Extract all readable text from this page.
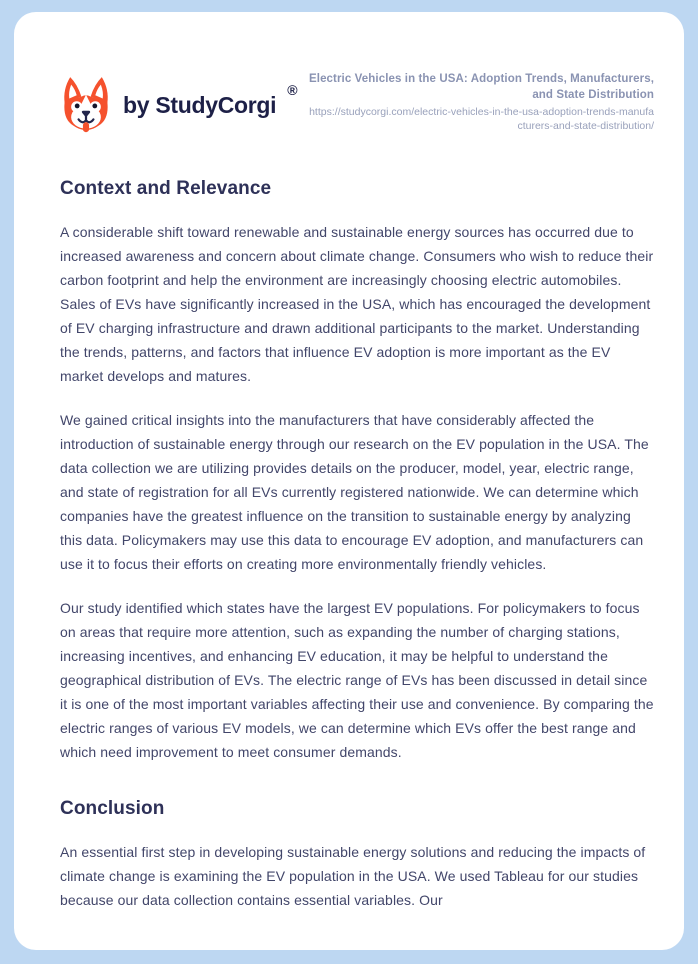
by StudyCorgi
®
Electric Vehicles in the USA: Adoption Trends, Manufacturers, and State Distribution
https://studycorgi.com/electric-vehicles-in-the-usa-adoption-trends-manufacturers-and-state-distribution/
Context and Relevance

A considerable shift toward renewable and sustainable energy sources has occurred due to increased awareness and concern about climate change. Consumers who wish to reduce their carbon footprint and help the environment are increasingly choosing electric automobiles. Sales of EVs have significantly increased in the USA, which has encouraged the development of EV charging infrastructure and drawn additional participants to the market. Understanding the trends, patterns, and factors that influence EV adoption is more important as the EV market develops and matures.

We gained critical insights into the manufacturers that have considerably affected the introduction of sustainable energy through our research on the EV population in the USA. The data collection we are utilizing provides details on the producer, model, year, electric range, and state of registration for all EVs currently registered nationwide. We can determine which companies have the greatest influence on the transition to sustainable energy by analyzing this data. Policymakers may use this data to encourage EV adoption, and manufacturers can use it to focus their efforts on creating more environmentally friendly vehicles.

Our study identified which states have the largest EV populations. For policymakers to focus on areas that require more attention, such as expanding the number of charging stations, increasing incentives, and enhancing EV education, it may be helpful to understand the geographical distribution of EVs. The electric range of EVs has been discussed in detail since it is one of the most important variables affecting their use and convenience. By comparing the electric ranges of various EV models, we can determine which EVs offer the best range and which need improvement to meet consumer demands.

Conclusion

An essential first step in developing sustainable energy solutions and reducing the impacts of climate change is examining the EV population in the USA. We used Tableau for our studies because our data collection contains essential variables. Our
